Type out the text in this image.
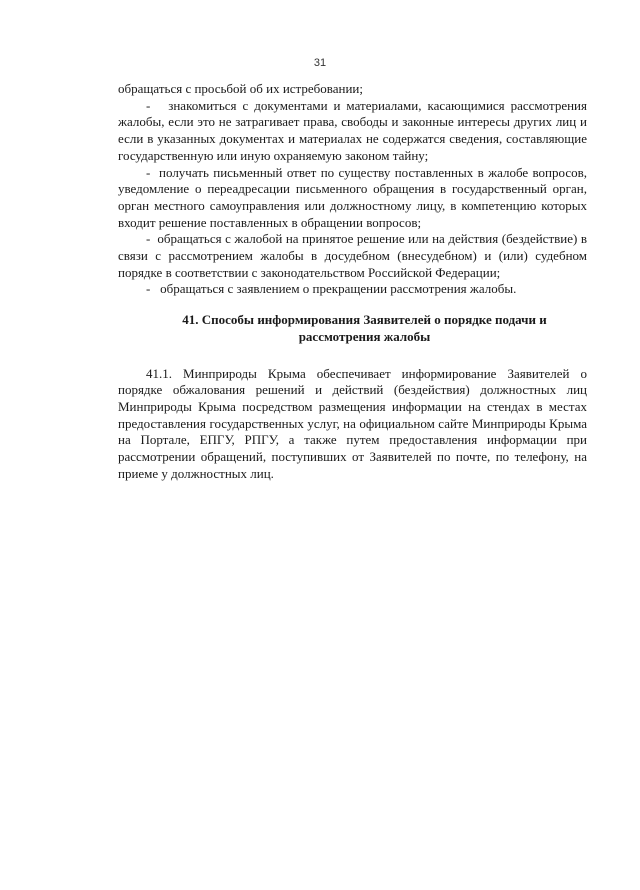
31

обращаться с просьбой об их истребовании;

-   знакомиться с документами и материалами, касающимися рассмотрения жалобы, если это не затрагивает права, свободы и законные интересы других лиц и если в указанных документах и материалах не содержатся сведения, составляющие государственную или иную охраняемую законом тайну;

-  получать письменный ответ по существу поставленных в жалобе вопросов, уведомление о переадресации письменного обращения в государственный орган, орган местного самоуправления или должностному лицу, в компетенцию которых входит решение поставленных в обращении вопросов;

-  обращаться с жалобой на принятое решение или на действия (бездействие) в связи с рассмотрением жалобы в досудебном (внесудебном) и (или) судебном порядке в соответствии с законодательством Российской Федерации;

-   обращаться с заявлением о прекращении рассмотрения жалобы.

41. Способы информирования Заявителей о порядке подачи и рассмотрения жалобы

41.1. Минприроды Крыма обеспечивает информирование Заявителей о порядке обжалования решений и действий (бездействия) должностных лиц Минприроды Крыма посредством размещения информации на стендах в местах предоставления государственных услуг, на официальном сайте Минприроды Крыма на Портале, ЕПГУ, РПГУ, а также путем предоставления информации при рассмотрении обращений, поступивших от Заявителей по почте, по телефону, на приеме у должностных лиц.
